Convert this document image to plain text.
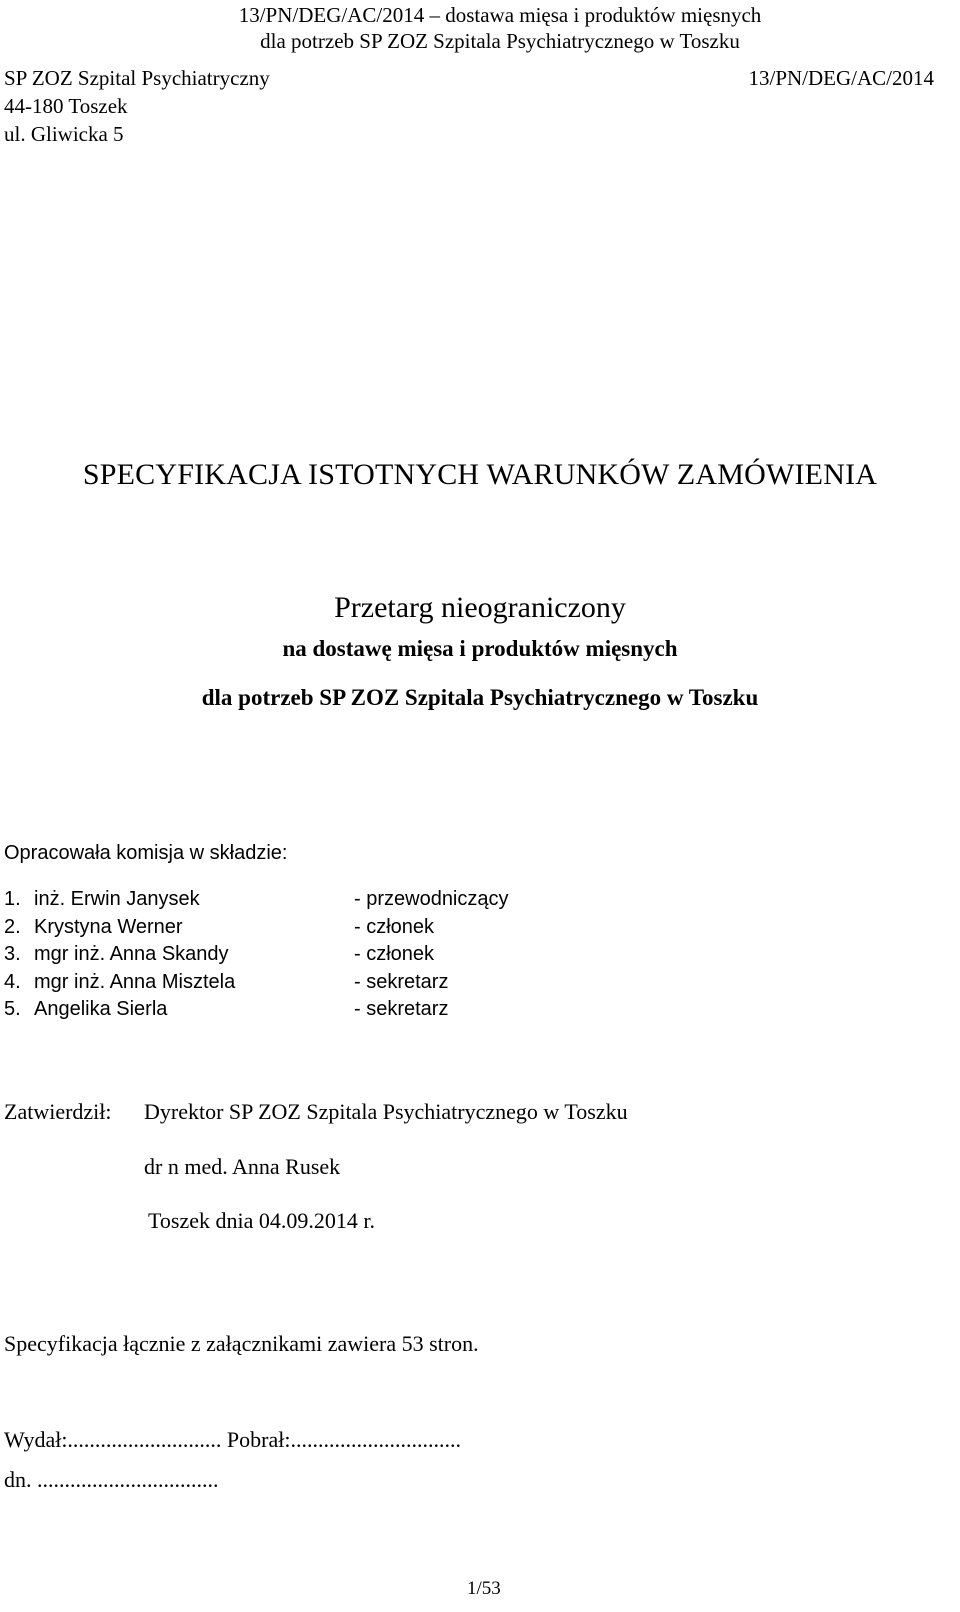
13/PN/DEG/AC/2014 – dostawa mięsa i produktów mięsnych
dla potrzeb SP ZOZ Szpitala Psychiatrycznego w Toszku
SP ZOZ Szpital Psychiatryczny
44-180 Toszek
ul. Gliwicka 5
13/PN/DEG/AC/2014
SPECYFIKACJA ISTOTNYCH WARUNKÓW ZAMÓWIENIA
Przetarg nieograniczony
na dostawę mięsa i produktów mięsnych
dla potrzeb SP ZOZ Szpitala Psychiatrycznego w Toszku
Opracowała komisja w składzie:
1. inż. Erwin Janysek	- przewodniczący
2. Krystyna Werner	- członek
3. mgr inż. Anna Skandy	- członek
4. mgr inż. Anna Misztela	- sekretarz
5. Angelika Sierla	- sekretarz
Zatwierdził: Dyrektor SP ZOZ Szpitala Psychiatrycznego w Toszku
dr n med. Anna Rusek
Toszek dnia 04.09.2014 r.
Specyfikacja łącznie z załącznikami zawiera 53 stron.
Wydał:............................ Pobrał:...............................
dn. .................................
1/53
